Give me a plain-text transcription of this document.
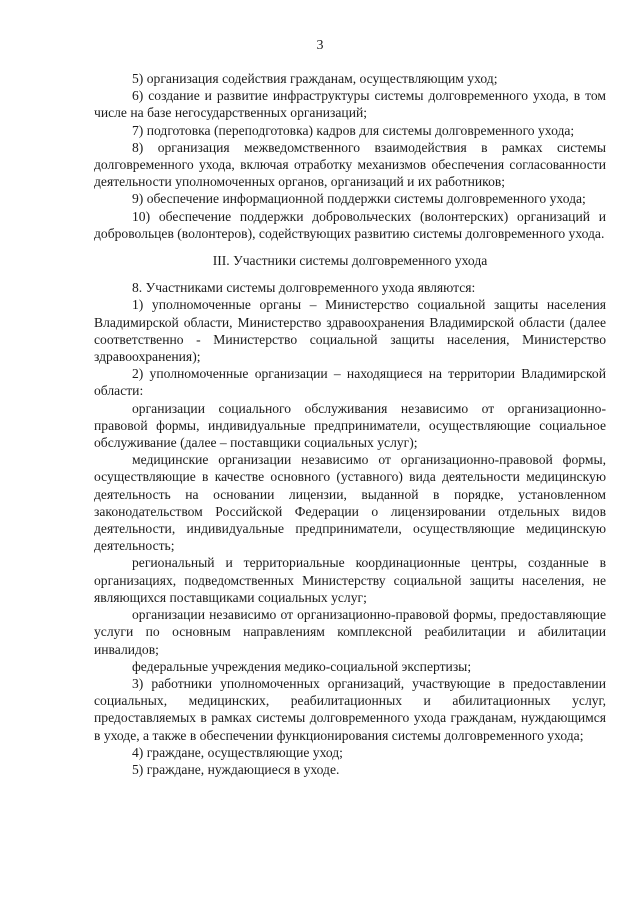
3

5) организация содействия гражданам, осуществляющим уход;

6) создание и развитие инфраструктуры системы долговременного ухода, в том числе на базе негосударственных организаций;

7) подготовка (переподготовка) кадров для системы долговременного ухода;

8) организация межведомственного взаимодействия в рамках системы долговременного ухода, включая отработку механизмов обеспечения согласованности деятельности уполномоченных органов, организаций и их работников;

9) обеспечение информационной поддержки системы долговременного ухода;

10) обеспечение поддержки добровольческих (волонтерских) организаций и добровольцев (волонтеров), содействующих развитию системы долговременного ухода.

III. Участники системы долговременного ухода

8. Участниками системы долговременного ухода являются:

1) уполномоченные органы – Министерство социальной защиты населения Владимирской области, Министерство здравоохранения Владимирской области (далее соответственно - Министерство социальной защиты населения, Министерство здравоохранения);

2) уполномоченные организации – находящиеся на территории Владимирской области:

организации социального обслуживания независимо от организационно-правовой формы, индивидуальные предприниматели, осуществляющие социальное обслуживание (далее – поставщики социальных услуг);

медицинские организации независимо от организационно-правовой формы, осуществляющие в качестве основного (уставного) вида деятельности медицинскую деятельность на основании лицензии, выданной в порядке, установленном законодательством Российской Федерации о лицензировании отдельных видов деятельности, индивидуальные предприниматели, осуществляющие медицинскую деятельность;

региональный и территориальные координационные центры, созданные в организациях, подведомственных Министерству социальной защиты населения, не являющихся поставщиками социальных услуг;

организации независимо от организационно-правовой формы, предоставляющие услуги по основным направлениям комплексной реабилитации и абилитации инвалидов;

федеральные учреждения медико-социальной экспертизы;

3) работники уполномоченных организаций, участвующие в предоставлении социальных, медицинских, реабилитационных и абилитационных услуг, предоставляемых в рамках системы долговременного ухода гражданам, нуждающимся в уходе, а также в обеспечении функционирования системы долговременного ухода;

4) граждане, осуществляющие уход;

5) граждане, нуждающиеся в уходе.
